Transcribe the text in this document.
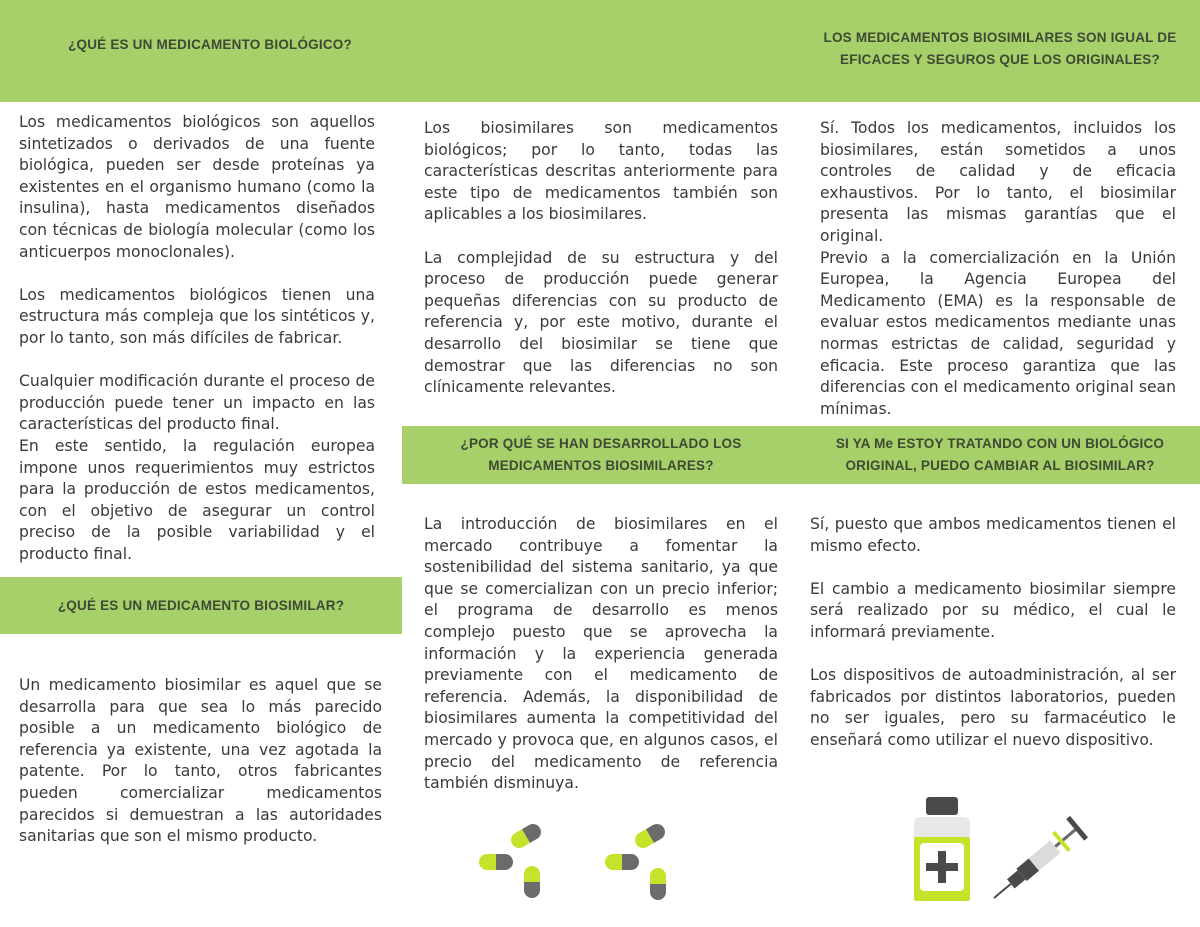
¿QUÉ ES UN MEDICAMENTO BIOLÓGICO?	LOS MEDICAMENTOS BIOSIMILARES SON IGUAL DE
EFICACES Y SEGUROS QUE LOS ORIGINALES?
¿POR QUÉ SE HAN DESARROLLADO LOS
MEDICAMENTOS BIOSIMILARES?
SI YA Me ESTOY TRATANDO CON UN BIOLÓGICO
ORIGINAL, PUEDO CAMBIAR AL BIOSIMILAR?
¿QUÉ ES UN MEDICAMENTO BIOSIMILAR?

Los medicamentos biológicos son aquellos sintetizados o derivados de una fuente biológica, pueden ser desde proteínas ya existentes en el organismo humano (como la insulina), hasta medicamentos diseñados con técnicas de biología molecular (como los anticuerpos monoclonales).

Los medicamentos biológicos tienen una estructura más compleja que los sintéticos y, por lo tanto, son más difíciles de fabricar.

Cualquier modificación durante el proceso de producción puede tener un impacto en las características del producto final.

En este sentido, la regulación europea impone unos requerimientos muy estrictos para la producción de estos medicamentos, con el objetivo de asegurar un control preciso de la posible variabilidad y el producto final.

Un medicamento biosimilar es aquel que se desarrolla para que sea lo más parecido posible a un medicamento biológico de referencia ya existente, una vez agotada la patente. Por lo tanto, otros fabricantes pueden comercializar medicamentos parecidos si demuestran a las autoridades sanitarias que son el mismo producto.

Los biosimilares son medicamentos biológicos; por lo tanto, todas las características descritas anteriormente para este tipo de medicamentos también son aplicables a los biosimilares.

La complejidad de su estructura y del proceso de producción puede generar pequeñas diferencias con su producto de referencia y, por este motivo, durante el desarrollo del biosimilar se tiene que demostrar que las diferencias no son clínicamente relevantes.

La introducción de biosimilares en el mercado contribuye a fomentar la sostenibilidad del sistema sanitario, ya que que se comercializan con un precio inferior; el programa de desarrollo es menos complejo puesto que se aprovecha la información y la experiencia generada previamente con el medicamento de referencia. Además, la disponibilidad de biosimilares aumenta la competitividad del mercado y provoca que, en algunos casos, el precio del medicamento de referencia también disminuya.

Sí. Todos los medicamentos, incluidos los biosimilares, están sometidos a unos controles de calidad y de eficacia exhaustivos. Por lo tanto, el biosimilar presenta las mismas garantías que el original.

Previo a la comercialización en la Unión Europea, la Agencia Europea del Medicamento (EMA) es la responsable de evaluar estos medicamentos mediante unas normas estrictas de calidad, seguridad y eficacia. Este proceso garantiza que las diferencias con el medicamento original sean mínimas.

Sí, puesto que ambos medicamentos tienen el mismo efecto.

El cambio a medicamento biosimilar siempre será realizado por su médico, el cual le informará previamente.

Los dispositivos de autoadministración, al ser fabricados por distintos laboratorios, pueden no ser iguales, pero su farmacéutico le enseñará como utilizar el nuevo dispositivo.
